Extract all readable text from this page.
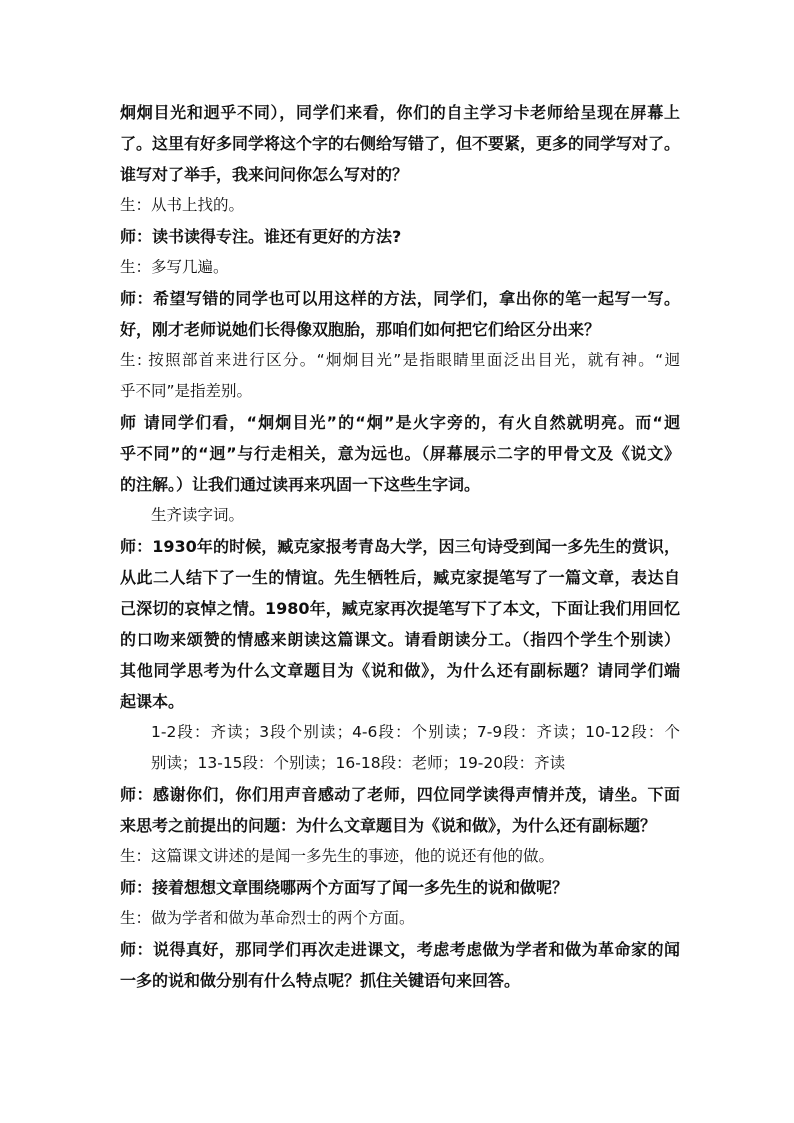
炯炯目光和迥乎不同），同学们来看，你们的自主学习卡老师给呈现在屏幕上
了。这里有好多同学将这个字的右侧给写错了，但不要紧，更多的同学写对了。
谁写对了举手，我来问问你怎么写对的？
生：从书上找的。
师：读书读得专注。谁还有更好的方法?
生：多写几遍。
师：希望写错的同学也可以用这样的方法，同学们，拿出你的笔一起写一写。
好，刚才老师说她们长得像双胞胎，那咱们如何把它们给区分出来？
生: 按照部首来进行区分。“炯炯目光”是指眼睛里面泛出目光，就有神。“迥
乎不同”是指差别。
师 请同学们看，“炯炯目光”的“炯”是火字旁的，有火自然就明亮。而“迥
乎不同”的“迥”与行走相关，意为远也。（屏幕展示二字的甲骨文及《说文》
的注解。）让我们通过读再来巩固一下这些生字词。
生齐读字词。
师：1930年的时候，臧克家报考青岛大学，因三句诗受到闻一多先生的赏识，
从此二人结下了一生的情谊。先生牺牲后，臧克家提笔写了一篇文章，表达自
己深切的哀悼之情。1980年，臧克家再次提笔写下了本文，下面让我们用回忆
的口吻来颂赞的情感来朗读这篇课文。请看朗读分工。（指四个学生个别读）
其他同学思考为什么文章题目为《说和做》，为什么还有副标题？请同学们端
起课本。
1-2段：齐读；3段个别读；4-6段：个别读；7-9段：齐读；10-12段：个
别读；13-15段：个别读；16-18段：老师；19-20段：齐读
师：感谢你们，你们用声音感动了老师，四位同学读得声情并茂，请坐。下面
来思考之前提出的问题：为什么文章题目为《说和做》，为什么还有副标题？
生：这篇课文讲述的是闻一多先生的事迹，他的说还有他的做。
师：接着想想文章围绕哪两个方面写了闻一多先生的说和做呢？
生：做为学者和做为革命烈士的两个方面。
师：说得真好，那同学们再次走进课文，考虑考虑做为学者和做为革命家的闻
一多的说和做分别有什么特点呢？抓住关键语句来回答。
